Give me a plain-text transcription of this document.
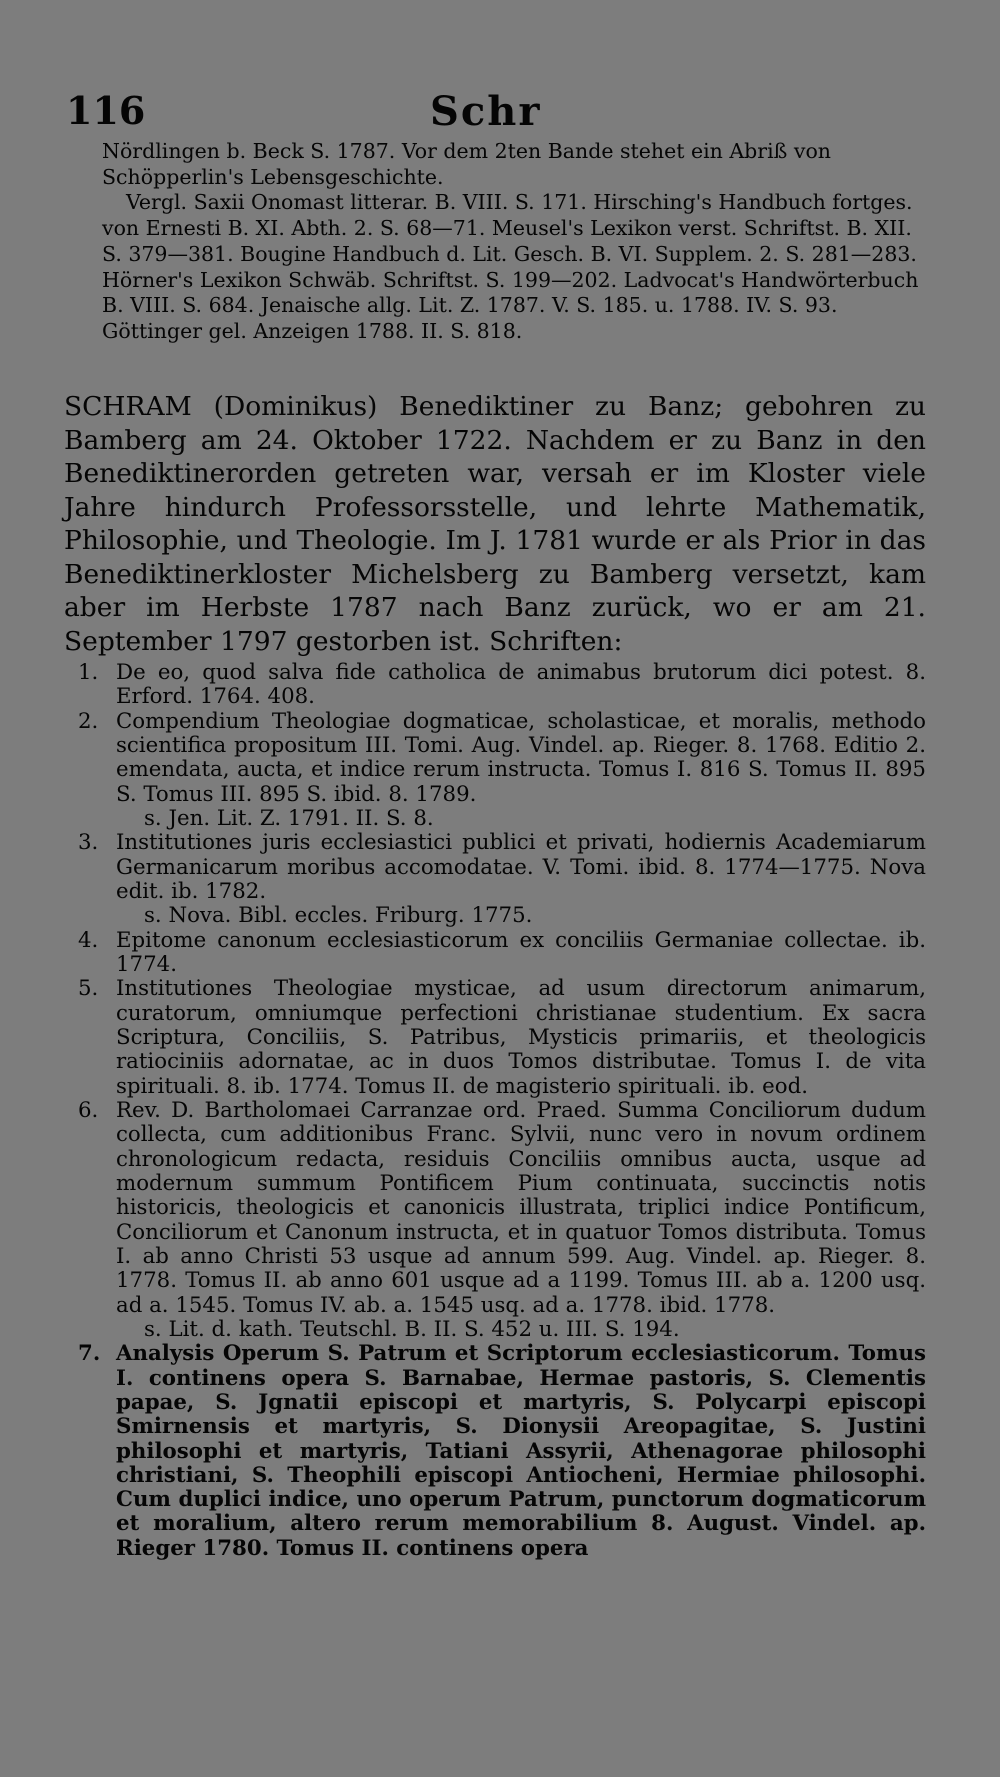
116	Schr

Nördlingen b. Beck S. 1787. Vor dem 2ten Bande stehet ein Abriß von Schöpperlin's Lebensgeschichte.

Vergl. Saxii Onomast litterar. B. VIII. S. 171. Hirsching's Handbuch fortges. von Ernesti B. XI. Abth. 2. S. 68—71. Meusel's Lexikon verst. Schriftst. B. XII. S. 379—381. Bougine Handbuch d. Lit. Gesch. B. VI. Supplem. 2. S. 281—283. Hörner's Lexikon Schwäb. Schriftst. S. 199—202. Ladvocat's Handwörterbuch B. VIII. S. 684. Jenaische allg. Lit. Z. 1787. V. S. 185. u. 1788. IV. S. 93. Göttinger gel. Anzeigen 1788. II. S. 818.

SCHRAM (Dominikus) Benediktiner zu Banz; gebohren zu Bamberg am 24. Oktober 1722. Nachdem er zu Banz in den Benediktinerorden getreten war, versah er im Kloster viele Jahre hindurch Professorsstelle, und lehrte Mathematik, Philosophie, und Theologie. Im J. 1781 wurde er als Prior in das Benediktinerkloster Michelsberg zu Bamberg versetzt, kam aber im Herbste 1787 nach Banz zurück, wo er am 21. September 1797 gestorben ist. Schriften:

1. De eo, quod salva fide catholica de animabus brutorum dici potest. 8. Erford. 1764. 408.
2. Compendium Theologiae dogmaticae, scholasticae, et moralis, methodo scientifica propositum III. Tomi. Aug. Vindel. ap. Rieger. 8. 1768. Editio 2. emendata, aucta, et indice rerum instructa. Tomus I. 816 S. Tomus II. 895 S. Tomus III. 895 S. ibid. 8. 1789.
s. Jen. Lit. Z. 1791. II. S. 8.
3. Institutiones juris ecclesiastici publici et privati, hodiernis Academiarum Germanicarum moribus accomodatae. V. Tomi. ibid. 8. 1774—1775. Nova edit. ib. 1782.
s. Nova. Bibl. eccles. Friburg. 1775.
4. Epitome canonum ecclesiasticorum ex conciliis Germaniae collectae. ib. 1774.
5. Institutiones Theologiae mysticae, ad usum directorum animarum, curatorum, omniumque perfectioni christianae studentium. Ex sacra Scriptura, Conciliis, S. Patribus, Mysticis primariis, et theologicis ratiociniis adornatae, ac in duos Tomos distributae. Tomus I. de vita spirituali. 8. ib. 1774. Tomus II. de magisterio spirituali. ib. eod.
6. Rev. D. Bartholomaei Carranzae ord. Praed. Summa Conciliorum dudum collecta, cum additionibus Franc. Sylvii, nunc vero in novum ordinem chronologicum redacta, residuis Conciliis omnibus aucta, usque ad modernum summum Pontificem Pium continuata, succinctis notis historicis, theologicis et canonicis illustrata, triplici indice Pontificum, Conciliorum et Canonum instructa, et in quatuor Tomos distributa. Tomus I. ab anno Christi 53 usque ad annum 599. Aug. Vindel. ap. Rieger. 8. 1778. Tomus II. ab anno 601 usque ad a 1199. Tomus III. ab a. 1200 usq. ad a. 1545. Tomus IV. ab. a. 1545 usq. ad a. 1778. ibid. 1778.
s. Lit. d. kath. Teutschl. B. II. S. 452 u. III. S. 194.
7. Analysis Operum S. Patrum et Scriptorum ecclesiasticorum. Tomus I. continens opera S. Barnabae, Hermae pastoris, S. Clementis papae, S. Jgnatii episcopi et martyris, S. Polycarpi episcopi Smirnensis et martyris, S. Dionysii Areopagitae, S. Justini philosophi et martyris, Tatiani Assyrii, Athenagorae philosophi christiani, S. Theophili episcopi Antiocheni, Hermiae philosophi. Cum duplici indice, uno operum Patrum, punctorum dogmaticorum et moralium, altero rerum memorabilium 8. August. Vindel. ap. Rieger 1780. Tomus II. continens opera
